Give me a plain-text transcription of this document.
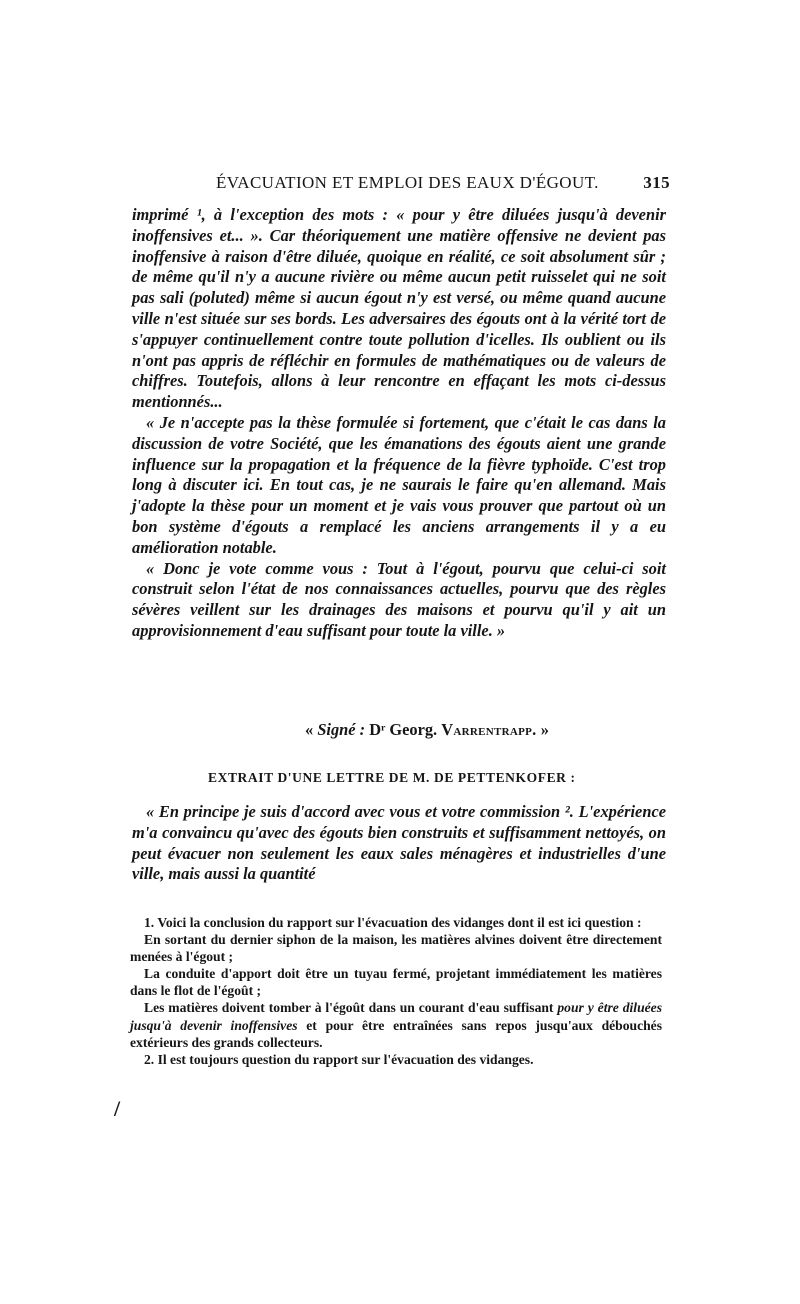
ÉVACUATION ET EMPLOI DES EAUX D'ÉGOUT.	315

imprimé ¹, à l'exception des mots : « pour y être diluées jusqu'à devenir inoffensives et... ». Car théoriquement une matière offensive ne devient pas inoffensive à raison d'être diluée, quoique en réalité, ce soit absolument sûr ; de même qu'il n'y a aucune rivière ou même aucun petit ruisselet qui ne soit pas sali (poluted) même si aucun égout n'y est versé, ou même quand aucune ville n'est située sur ses bords. Les adversaires des égouts ont à la vérité tort de s'appuyer continuellement contre toute pollution d'icelles. Ils oublient ou ils n'ont pas appris de réfléchir en formules de mathématiques ou de valeurs de chiffres. Toutefois, allons à leur rencontre en effaçant les mots ci-dessus mentionnés...

« Je n'accepte pas la thèse formulée si fortement, que c'était le cas dans la discussion de votre Société, que les émanations des égouts aient une grande influence sur la propagation et la fréquence de la fièvre typhoïde. C'est trop long à discuter ici. En tout cas, je ne saurais le faire qu'en allemand. Mais j'adopte la thèse pour un moment et je vais vous prouver que partout où un bon système d'égouts a remplacé les anciens arrangements il y a eu amélioration notable.

« Donc je vote comme vous : Tout à l'égout, pourvu que celui-ci soit construit selon l'état de nos connaissances actuelles, pourvu que des règles sévères veillent sur les drainages des maisons et pourvu qu'il y ait un approvisionnement d'eau suffisant pour toute la ville. »

« Signé : Dʳ Georg. Varrentrapp. »
EXTRAIT D'UNE LETTRE DE M. DE PETTENKOFER :
« En principe je suis d'accord avec vous et votre commission ². L'expérience m'a convaincu qu'avec des égouts bien construits et suffisamment nettoyés, on peut évacuer non seulement les eaux sales ménagères et industrielles d'une ville, mais aussi la quantité

1. Voici la conclusion du rapport sur l'évacuation des vidanges dont il est ici question :

En sortant du dernier siphon de la maison, les matières alvines doivent être directement menées à l'égout ;

La conduite d'apport doit être un tuyau fermé, projetant immédiatement les matières dans le flot de l'égoût ;

Les matières doivent tomber à l'égoût dans un courant d'eau suffisant pour y être diluées jusqu'à devenir inoffensives et pour être entraînées sans repos jusqu'aux débouchés extérieurs des grands collecteurs.

2. Il est toujours question du rapport sur l'évacuation des vidanges.

/
